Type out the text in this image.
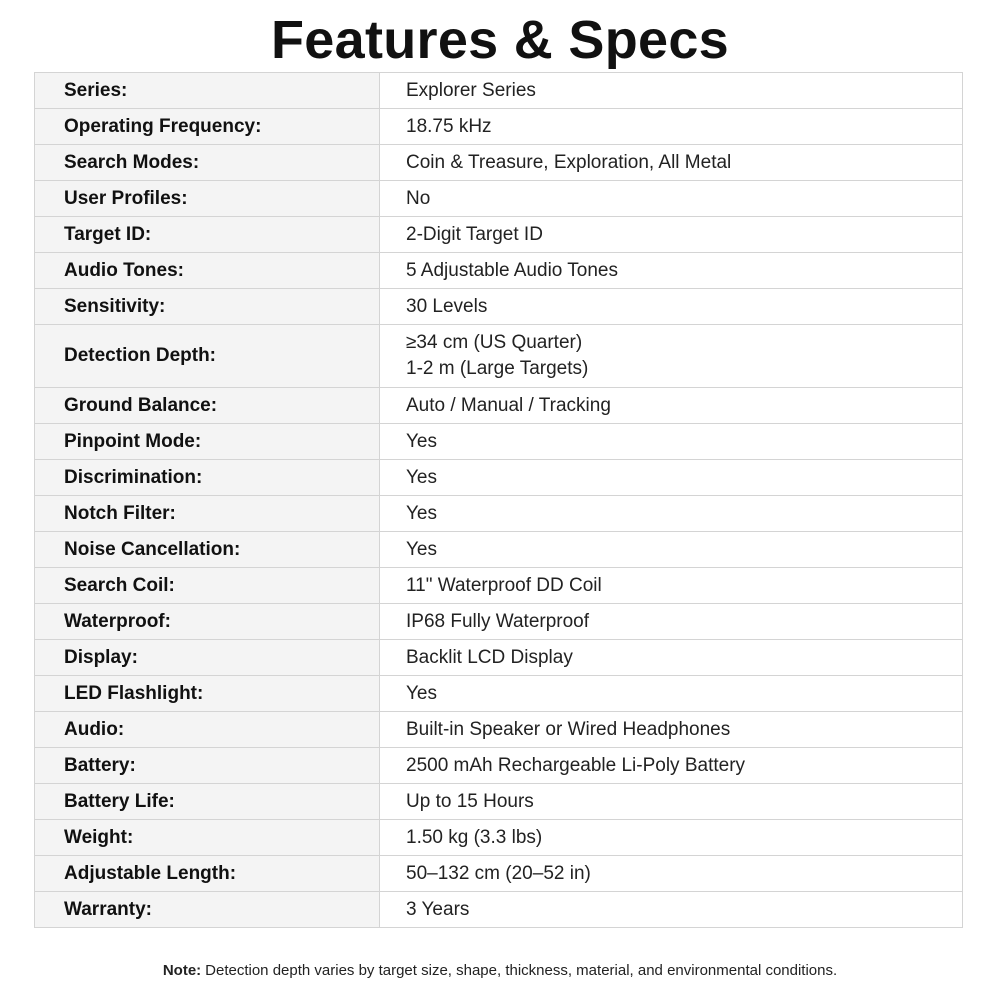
Features & Specs
Series:	Explorer Series
Operating Frequency:	18.75 kHz
Search Modes:	Coin & Treasure, Exploration, All Metal
User Profiles:	No
Target ID:	2-Digit Target ID
Audio Tones:	5 Adjustable Audio Tones
Sensitivity:	30 Levels
Detection Depth:	≥34 cm (US Quarter)
1-2 m (Large Targets)

Ground Balance:	Auto / Manual / Tracking
Pinpoint Mode:	Yes
Discrimination:	Yes
Notch Filter:	Yes
Noise Cancellation:	Yes
Search Coil:	11" Waterproof DD Coil
Waterproof:	IP68 Fully Waterproof
Display:	Backlit LCD Display
LED Flashlight:	Yes
Audio:	Built-in Speaker or Wired Headphones
Battery:	2500 mAh Rechargeable Li-Poly Battery
Battery Life:	Up to 15 Hours
Weight:	1.50 kg (3.3 lbs)
Adjustable Length:	50–132 cm (20–52 in)
Warranty:	3 Years
Note: Detection depth varies by target size, shape, thickness, material, and environmental conditions.
